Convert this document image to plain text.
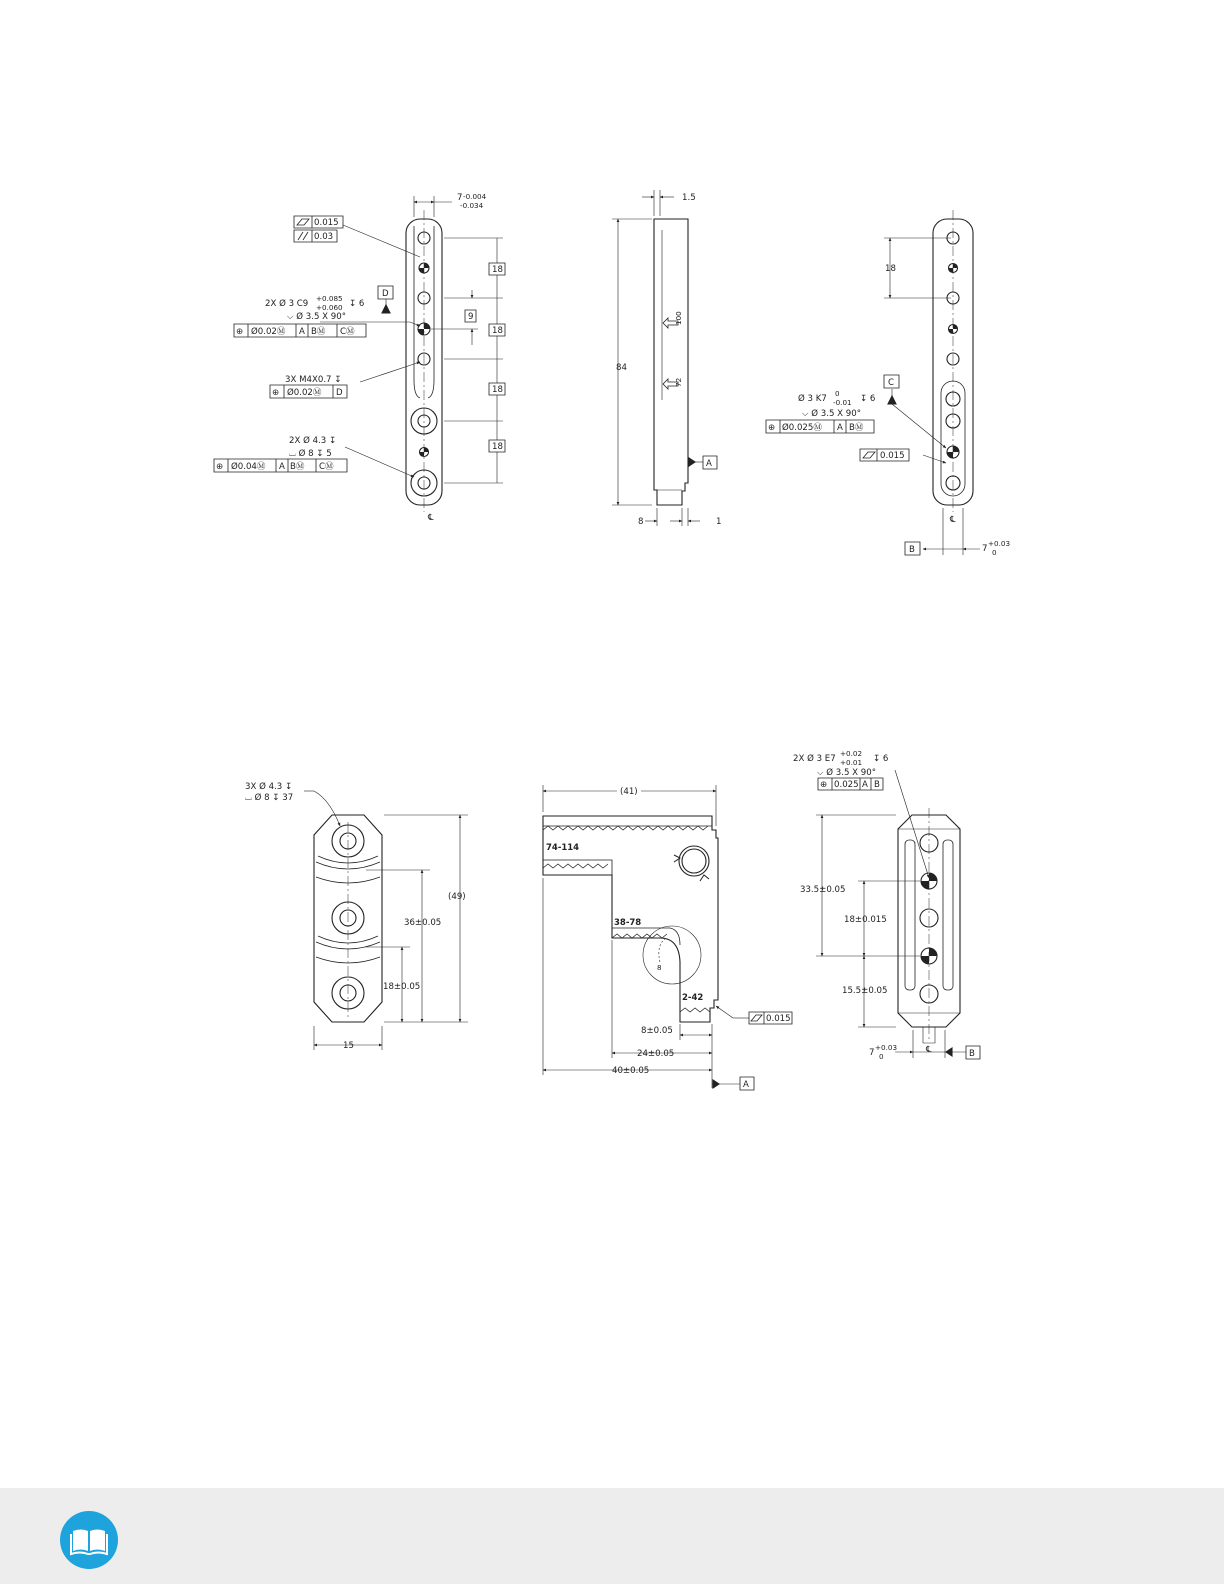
7 -0.004
-0.034
0.015
0.03
2X Ø 3 C9
+0.085
+0.060 ↧ 6
⌵ Ø 3.5 X 90°
⊕ Ø0.02Ⓜ A BⓂ CⓂ
D
9
3X M4X0.7 ↧
⊕ Ø0.02Ⓜ D
2X Ø 4.3 ↧
⌴ Ø 8 ↧ 5
⊕ Ø0.04Ⓜ A BⓂ CⓂ
18
18
18
18
℄
1.5
84
8	1
100
72
A
18
C
Ø 3 K7
0
-0.01 ↧ 6
⌵ Ø 3.5 X 90°
⊕ Ø0.025Ⓜ A BⓂ
0.015
B	7
+0.03
0
℄
3X Ø 4.3 ↧
⌴ Ø 8 ↧ 37
(49)
36±0.05
18±0.05
15
(41)
74-114
38-78
2-42
8
0.015
8±0.05
24±0.05
40±0.05
A
2X Ø 3 E7
+0.02
+0.01 ↧ 6
⌵ Ø 3.5 X 90°
⊕ 0.025 A B
33.5±0.05
18±0.015
15.5±0.05
℄
7
+0.03
0	B
